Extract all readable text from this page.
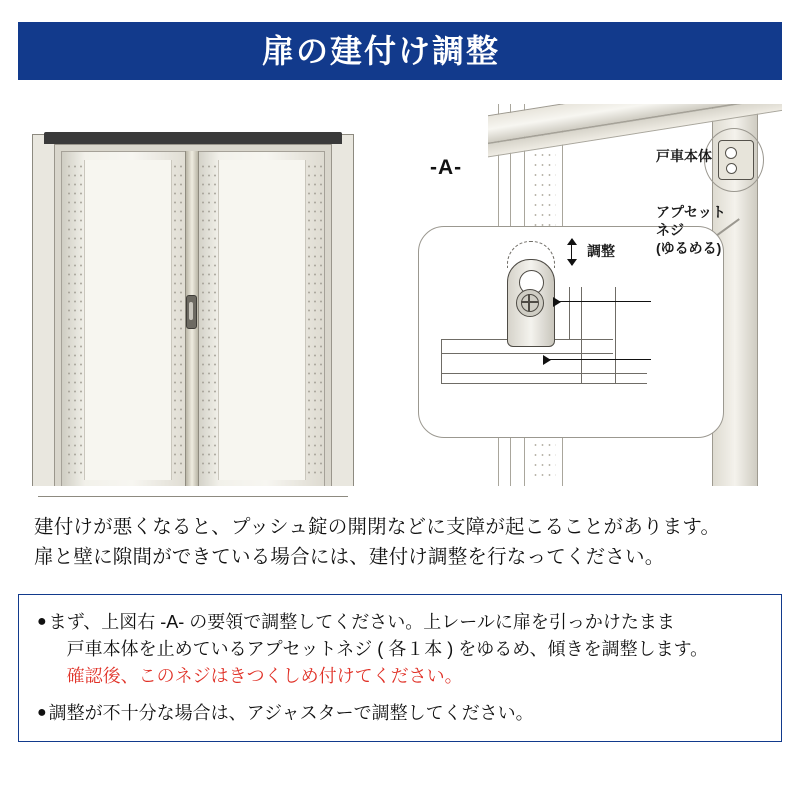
扉の建付け調整
-A-
調整
戸車本体
アプセット
ネジ
(ゆるめる)
建付けが悪くなると、プッシュ錠の開閉などに支障が起こることがあります。
扉と壁に隙間ができている場合には、建付け調整を行なってください。
● まず、上図右 -A- の要領で調整してください。上レールに扉を引っかけたまま
戸車本体を止めているアプセットネジ ( 各１本 ) をゆるめ、傾きを調整します。
確認後、このネジはきつくしめ付けてください。
● 調整が不十分な場合は、アジャスターで調整してください。
